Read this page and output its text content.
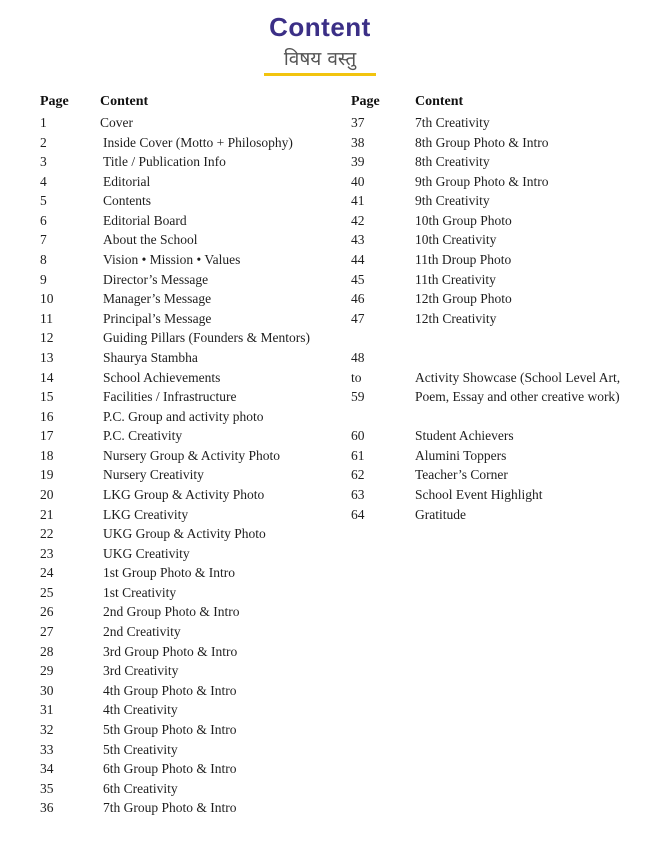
Content
विषय वस्तु
Page Content	Page	Content
1	Cover
2	Inside Cover (Motto + Philosophy)
3	Title / Publication Info
4	Editorial
5	Contents
6	Editorial Board
7	About the School
8	Vision • Mission • Values
9	Director’s Message
10	Manager’s Message
11	Principal’s Message
12	Guiding Pillars (Founders & Mentors)
13	Shaurya Stambha
14	School Achievements
15	Facilities / Infrastructure
16	P.C. Group and activity photo
17	P.C. Creativity
18	Nursery Group & Activity Photo
19	Nursery Creativity
20	LKG Group & Activity Photo
21	LKG Creativity
22	UKG Group & Activity Photo
23	UKG Creativity
24	1st Group Photo & Intro
25	1st Creativity
26	2nd Group Photo & Intro
27	2nd Creativity
28	3rd Group Photo & Intro
29	3rd Creativity
30	4th Group Photo & Intro
31	4th Creativity
32	5th Group Photo & Intro
33	5th Creativity
34	6th Group Photo & Intro
35	6th Creativity
36	7th Group Photo & Intro
37	7th Creativity
38	8th Group Photo & Intro
39	8th Creativity
40	9th Group Photo & Intro
41	9th Creativity
42	10th Group Photo
43	10th Creativity
44	11th Droup Photo
45	11th Creativity
46	12th Group Photo
47	12th Creativity
48
to	Activity Showcase (School Level Art,
59	Poem, Essay and other creative work)
60	Student Achievers
61	Alumini Toppers
62	Teacher’s Corner
63	School Event Highlight
64	Gratitude
